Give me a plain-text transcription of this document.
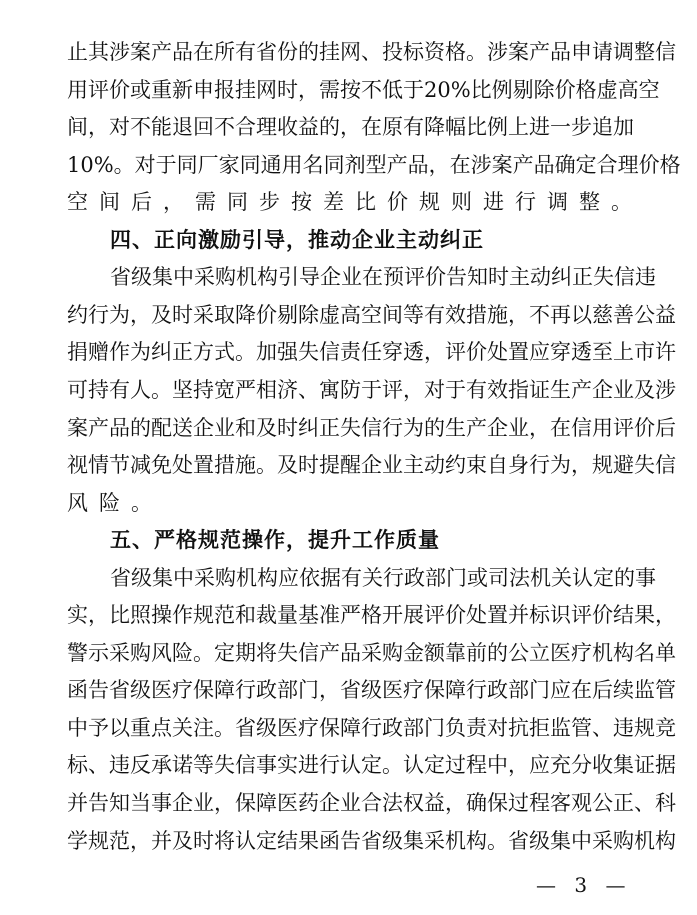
— 3 —
止其涉案产品在所有省份的挂网、投标资格。涉案产品申请调整信
用评价或重新申报挂网时，需按不低于20%比例剔除价格虚高空
间，对不能退回不合理收益的，在原有降幅比例上进一步追加
10%。对于同厂家同通用名同剂型产品，在涉案产品确定合理价格
空间后，需同步按差比价规则进行调整。
四、正向激励引导，推动企业主动纠正
省级集中采购机构引导企业在预评价告知时主动纠正失信违
约行为，及时采取降价剔除虚高空间等有效措施，不再以慈善公益
捐赠作为纠正方式。加强失信责任穿透，评价处置应穿透至上市许
可持有人。坚持宽严相济、寓防于评，对于有效指证生产企业及涉
案产品的配送企业和及时纠正失信行为的生产企业，在信用评价后
视情节减免处置措施。及时提醒企业主动约束自身行为，规避失信
风险。
五、严格规范操作，提升工作质量
省级集中采购机构应依据有关行政部门或司法机关认定的事
实，比照操作规范和裁量基准严格开展评价处置并标识评价结果，
警示采购风险。定期将失信产品采购金额靠前的公立医疗机构名单
函告省级医疗保障行政部门，省级医疗保障行政部门应在后续监管
中予以重点关注。省级医疗保障行政部门负责对抗拒监管、违规竞
标、违反承诺等失信事实进行认定。认定过程中，应充分收集证据
并告知当事企业，保障医药企业合法权益，确保过程客观公正、科
学规范，并及时将认定结果函告省级集采机构。省级集中采购机构
